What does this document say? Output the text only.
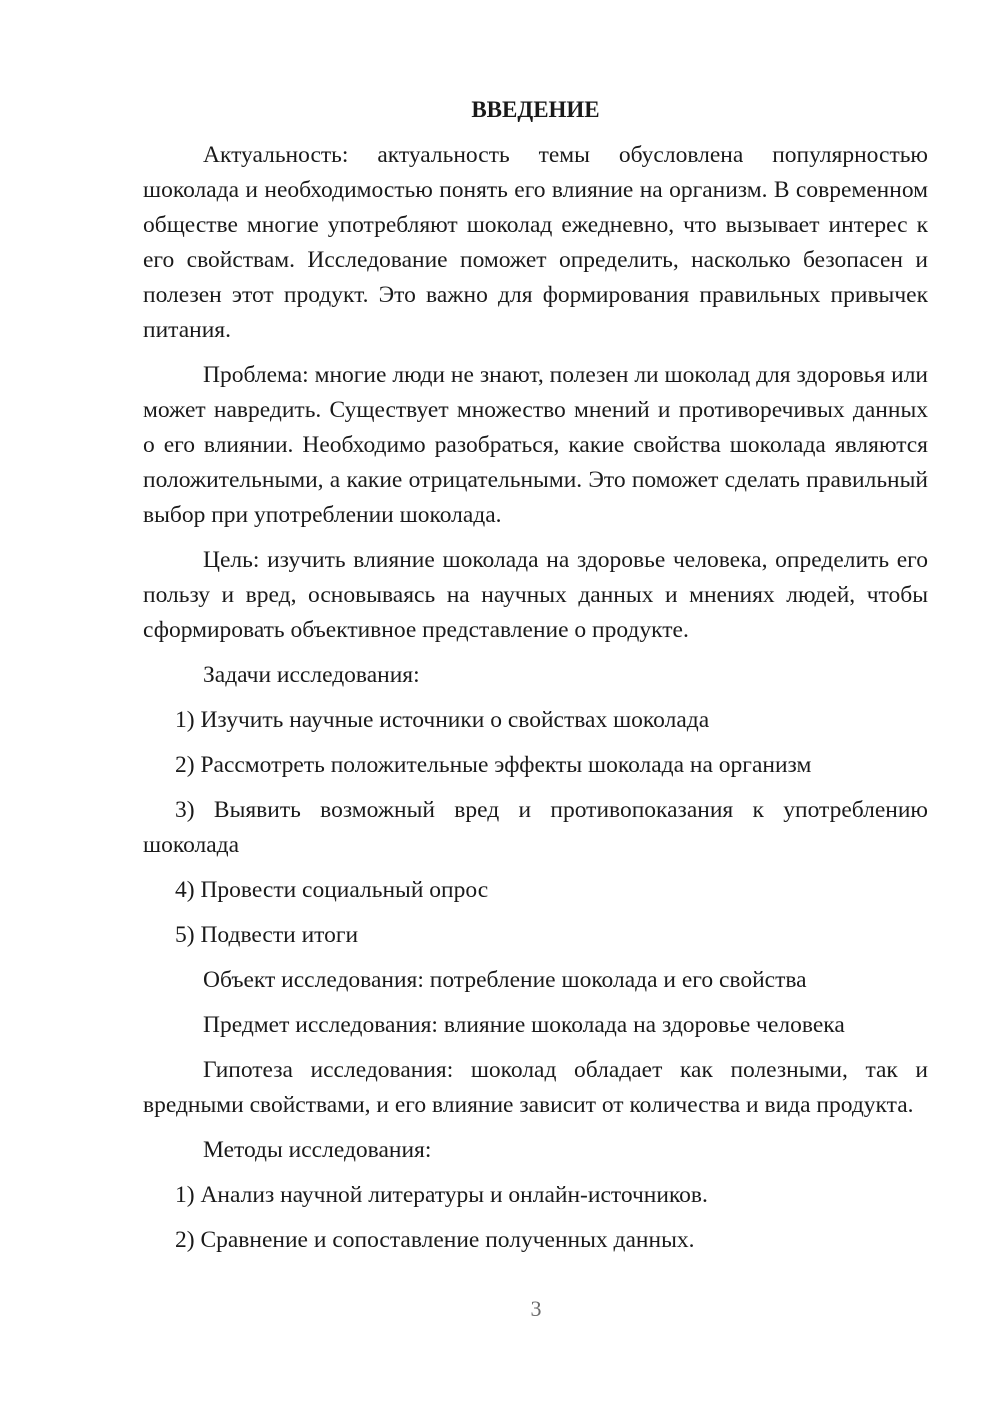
ВВЕДЕНИЕ

Актуальность: актуальность темы обусловлена популярностью шоколада и необходимостью понять его влияние на организм. В современном обществе многие употребляют шоколад ежедневно, что вызывает интерес к его свойствам. Исследование поможет определить, насколько безопасен и полезен этот продукт. Это важно для формирования правильных привычек питания.

Проблема: многие люди не знают, полезен ли шоколад для здоровья или может навредить. Существует множество мнений и противоречивых данных о его влиянии. Необходимо разобраться, какие свойства шоколада являются положительными, а какие отрицательными. Это поможет сделать правильный выбор при употреблении шоколада.

Цель: изучить влияние шоколада на здоровье человека, определить его пользу и вред, основываясь на научных данных и мнениях людей, чтобы сформировать объективное представление о продукте.

Задачи исследования:

1) Изучить научные источники о свойствах шоколада

2) Рассмотреть положительные эффекты шоколада на организм

3) Выявить возможный вред и противопоказания к употреблению шоколада

4) Провести социальный опрос

5) Подвести итоги

Объект исследования: потребление шоколада и его свойства

Предмет исследования: влияние шоколада на здоровье человека

Гипотеза исследования: шоколад обладает как полезными, так и вредными свойствами, и его влияние зависит от количества и вида продукта.

Методы исследования:

1) Анализ научной литературы и онлайн-источников.

2) Сравнение и сопоставление полученных данных.

3
